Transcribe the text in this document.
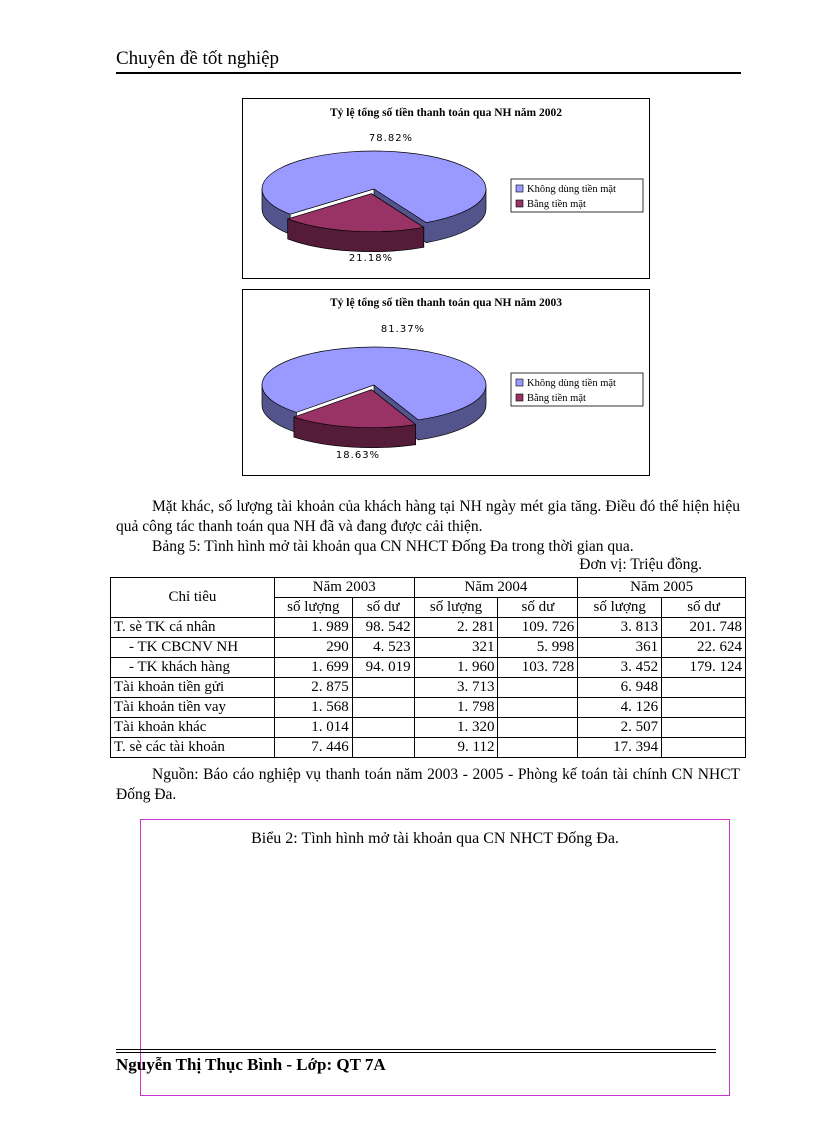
Chuyên đề tốt nghiệp
Tỷ lệ tổng số tiền thanh toán qua NH năm 2002
78.82%
21.18%
Không dùng tiền mặt
Bằng tiền mặt
Tỷ lệ tổng số tiền thanh toán qua NH năm 2003
81.37%
18.63%
Không dùng tiền mặt
Bằng tiền mặt

Mặt khác, số lượng tài khoản của khách hàng tại NH ngày mét gia tăng. Điều đó thể hiện hiệu quả công tác thanh toán qua NH đã và đang được cải thiện.

Bảng 5: Tình hình mở tài khoản qua CN NHCT Đống Đa trong thời gian qua.

Đơn vị: Triệu đồng.
Chỉ tiêu	Năm 2003		Năm 2004		Năm 2005	
	số lượng	số dư	số lượng	số dư	số lượng	số dư
T. sè TK cá nhân	1. 989	98. 542	2. 281	109. 726	3. 813	201. 748
- TK CBCNV NH	290	4. 523	321	5. 998	361	22. 624
- TK khách hàng	1. 699	94. 019	1. 960	103. 728	3. 452	179. 124
Tài khoản tiền gửi	2. 875		3. 713		6. 948	
Tài khoản tiền vay	1. 568		1. 798		4. 126	
Tài khoản khác	1. 014		1. 320		2. 507	
T. sè các tài khoản	7. 446		9. 112		17. 394	

Nguồn: Báo cáo nghiệp vụ thanh toán năm 2003 - 2005 - Phòng kế toán tài chính CN NHCT Đống Đa.

Biểu 2: Tình hình mở tài khoản qua CN NHCT Đống Đa.
Nguyễn Thị Thục Bình - Lớp: QT 7A
